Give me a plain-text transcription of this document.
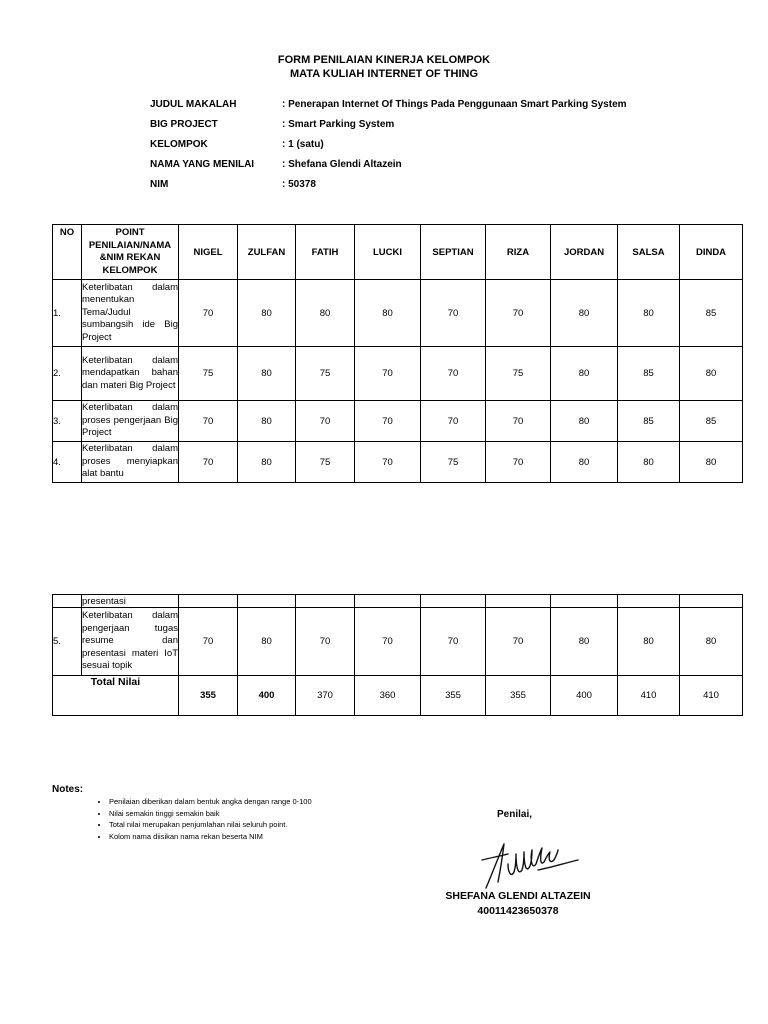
FORM PENILAIAN KINERJA KELOMPOK
MATA KULIAH INTERNET OF THING
JUDUL MAKALAH	: Penerapan Internet Of Things Pada Penggunaan Smart Parking System
BIG PROJECT	: Smart Parking System
KELOMPOK	: 1 (satu)
NAMA YANG MENILAI	: Shefana Glendi Altazein
NIM	: 50378
NO	POINT PENILAIAN/NAMA &NIM REKAN KELOMPOK	NIGEL	ZULFAN	FATIH	LUCKI	SEPTIAN	RIZA	JORDAN	SALSA	DINDA
1.	Keterlibatan dalam menentukan Tema/Judul sumbangsih ide Big Project	70	80	80	80	70	70	80	80	85
2.	Keterlibatan dalam mendapatkan bahan dan materi Big Project	75	80	75	70	70	75	80	85	80
3.	Keterlibatan dalam proses pengerjaan Big Project	70	80	70	70	70	70	80	85	85
4.	Keterlibatan dalam proses menyiapkan alat bantu	70	80	75	70	75	70	80	80	80
	presentasi									
5.	Keterlibatan dalam pengerjaan tugas resume dan presentasi materi IoT sesuai topik	70	80	70	70	70	70	80	80	80
Total Nilai		355	400	370	360	355	355	400	410	410
Notes:
• Penilaian diberikan dalam bentuk angka dengan range 0-100
• Nilai semakin tinggi semakin baik
• Total nilai merupakan penjumlahan nilai seluruh point.
• Kolom nama diisikan nama rekan beserta NIM
Penilai,
SHEFANA GLENDI ALTAZEIN
40011423650378
